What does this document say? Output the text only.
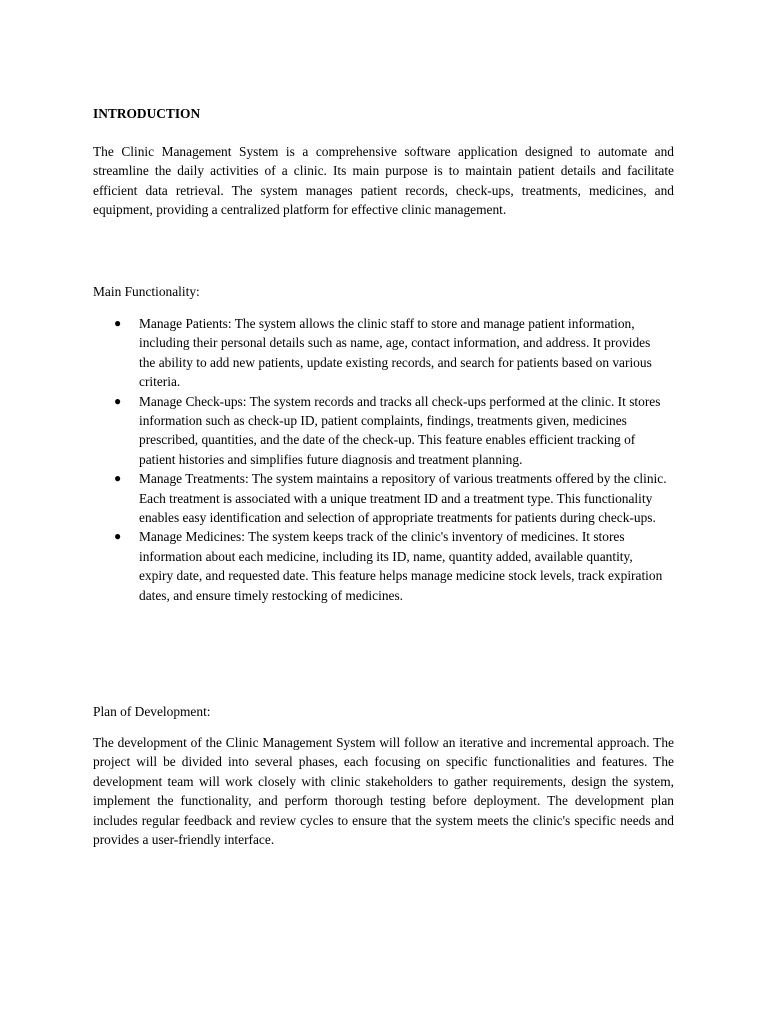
INTRODUCTION

The Clinic Management System is a comprehensive software application designed to automate and streamline the daily activities of a clinic. Its main purpose is to maintain patient details and facilitate efficient data retrieval. The system manages patient records, check-ups, treatments, medicines, and equipment, providing a centralized platform for effective clinic management.

Main Functionality:

● Manage Patients: The system allows the clinic staff to store and manage patient information, including their personal details such as name, age, contact information, and address. It provides the ability to add new patients, update existing records, and search for patients based on various criteria.
● Manage Check-ups: The system records and tracks all check-ups performed at the clinic. It stores information such as check-up ID, patient complaints, findings, treatments given, medicines prescribed, quantities, and the date of the check-up. This feature enables efficient tracking of patient histories and simplifies future diagnosis and treatment planning.
● Manage Treatments: The system maintains a repository of various treatments offered by the clinic. Each treatment is associated with a unique treatment ID and a treatment type. This functionality enables easy identification and selection of appropriate treatments for patients during check-ups.
● Manage Medicines: The system keeps track of the clinic's inventory of medicines. It stores information about each medicine, including its ID, name, quantity added, available quantity, expiry date, and requested date. This feature helps manage medicine stock levels, track expiration dates, and ensure timely restocking of medicines.

Plan of Development:

The development of the Clinic Management System will follow an iterative and incremental approach. The project will be divided into several phases, each focusing on specific functionalities and features. The development team will work closely with clinic stakeholders to gather requirements, design the system, implement the functionality, and perform thorough testing before deployment. The development plan includes regular feedback and review cycles to ensure that the system meets the clinic's specific needs and provides a user-friendly interface.
